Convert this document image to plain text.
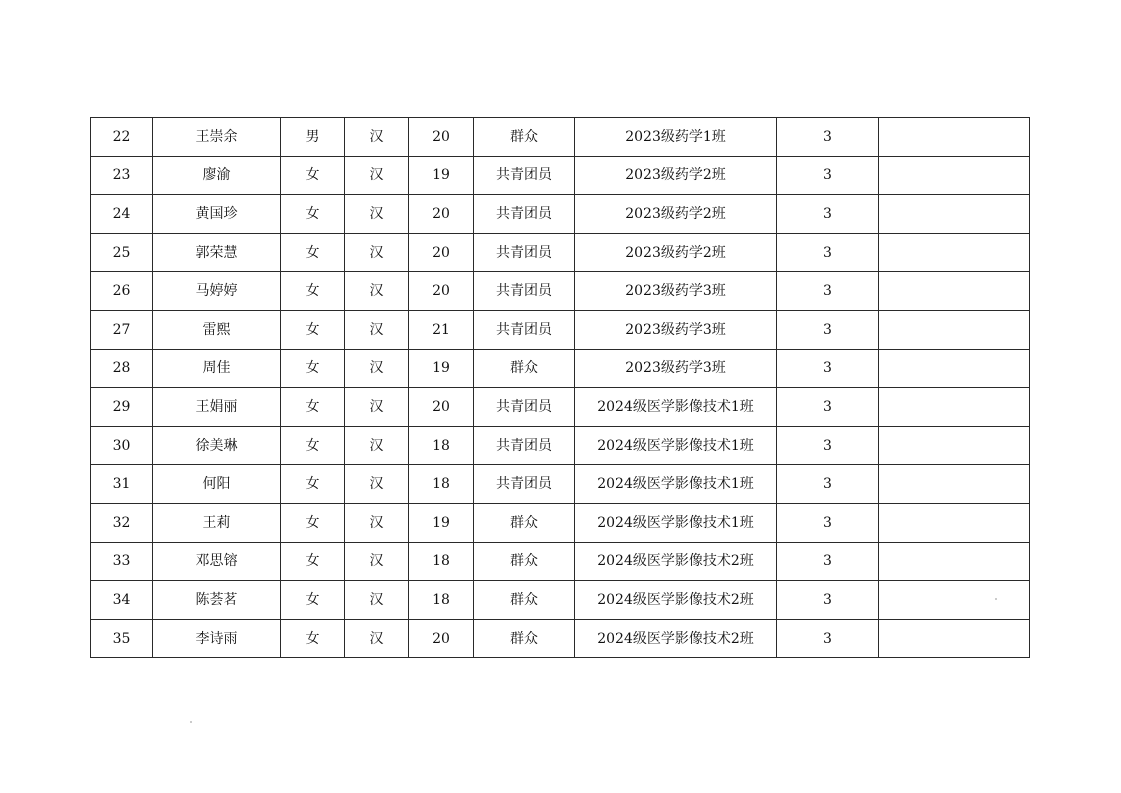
22	王崇余	男	汉	20	群众	2023级药学1班	3	
23	廖渝	女	汉	19	共青团员	2023级药学2班	3	
24	黄国珍	女	汉	20	共青团员	2023级药学2班	3	
25	郭荣慧	女	汉	20	共青团员	2023级药学2班	3	
26	马婷婷	女	汉	20	共青团员	2023级药学3班	3	
27	雷熙	女	汉	21	共青团员	2023级药学3班	3	
28	周佳	女	汉	19	群众	2023级药学3班	3	
29	王娟丽	女	汉	20	共青团员	2024级医学影像技术1班	3	
30	徐美琳	女	汉	18	共青团员	2024级医学影像技术1班	3	
31	何阳	女	汉	18	共青团员	2024级医学影像技术1班	3	
32	王莉	女	汉	19	群众	2024级医学影像技术1班	3	
33	邓思镕	女	汉	18	群众	2024级医学影像技术2班	3	
34	陈荟茗	女	汉	18	群众	2024级医学影像技术2班	3	
35	李诗雨	女	汉	20	群众	2024级医学影像技术2班	3	
